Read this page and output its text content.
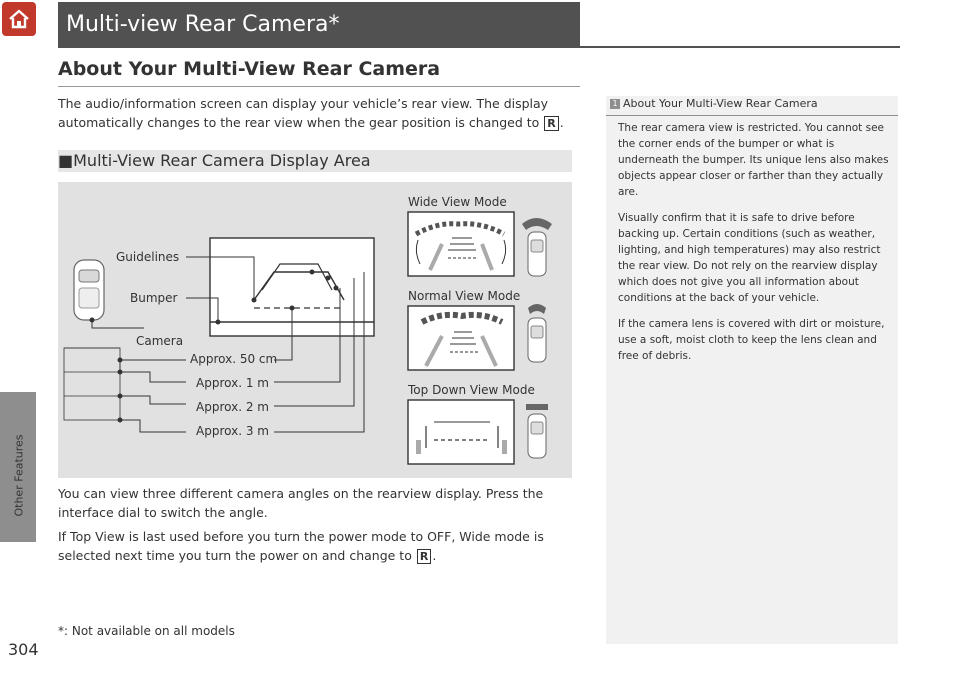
Other Features
304
Multi-view Rear Camera*
About Your Multi-View Rear Camera
The audio/information screen can display your vehicle’s rear view. The display
automatically changes to the rear view when the gear position is changed to R .
■Multi-View Rear Camera Display Area
Guidelines
Bumper
Camera
Approx. 50 cm
Approx. 1 m
Approx. 2 m
Approx. 3 m
Wide View Mode
Normal View Mode
Top Down View Mode
You can view three different camera angles on the rearview display. Press the
interface dial to switch the angle.
If Top View is last used before you turn the power mode to OFF, Wide mode is
selected next time you turn the power on and change to R .
*: Not available on all models
1 About Your Multi-View Rear Camera
The rear camera view is restricted. You cannot see the corner ends of the bumper or what is underneath the bumper. Its unique lens also makes objects appear closer or farther than they actually are.
Visually confirm that it is safe to drive before backing up. Certain conditions (such as weather, lighting, and high temperatures) may also restrict the rear view. Do not rely on the rearview display which does not give you all information about conditions at the back of your vehicle.
If the camera lens is covered with dirt or moisture, use a soft, moist cloth to keep the lens clean and free of debris.
